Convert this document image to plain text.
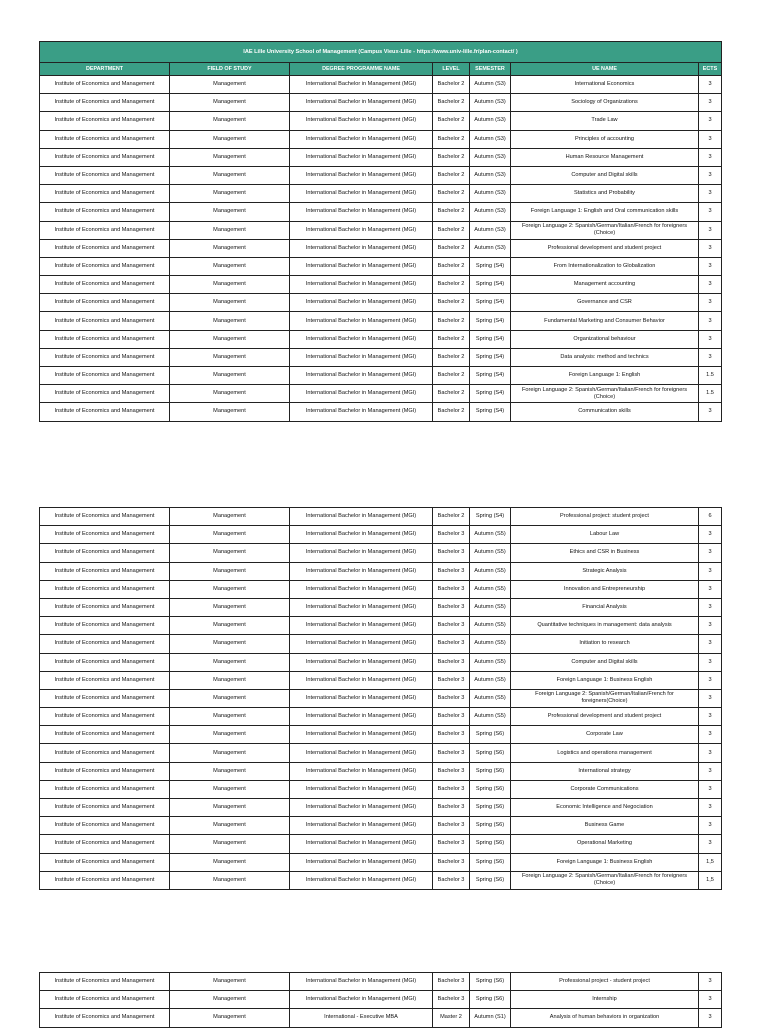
IAE Lille University School of Management (Campus Vieux-Lille - https://www.univ-lille.fr/plan-contact/ )						
DEPARTMENT	FIELD OF STUDY	DEGREE PROGRAMME NAME	LEVEL	SEMESTER	UE NAME	ECTS
Institute of Economics and Management	Management	International Bachelor in Management (MGI)	Bachelor 2	Autumn (S3)	International Economics	3
Institute of Economics and Management	Management	International Bachelor in Management (MGI)	Bachelor 2	Autumn (S3)	Sociology of Organizations	3
Institute of Economics and Management	Management	International Bachelor in Management (MGI)	Bachelor 2	Autumn (S3)	Trade Law	3
Institute of Economics and Management	Management	International Bachelor in Management (MGI)	Bachelor 2	Autumn (S3)	Principles of accounting	3
Institute of Economics and Management	Management	International Bachelor in Management (MGI)	Bachelor 2	Autumn (S3)	Human Resource Management	3
Institute of Economics and Management	Management	International Bachelor in Management (MGI)	Bachelor 2	Autumn (S3)	Computer and Digital skills	3
Institute of Economics and Management	Management	International Bachelor in Management (MGI)	Bachelor 2	Autumn (S3)	Statistics and Probability	3
Institute of Economics and Management	Management	International Bachelor in Management (MGI)	Bachelor 2	Autumn (S3)	Foreign Language 1: English and Oral communication skills	3
Institute of Economics and Management	Management	International Bachelor in Management (MGI)	Bachelor 2	Autumn (S3)	Foreign Language 2: Spanish/German/Italian/French for foreigners (Choice)	3
Institute of Economics and Management	Management	International Bachelor in Management (MGI)	Bachelor 2	Autumn (S3)	Professional development and student project	3
Institute of Economics and Management	Management	International Bachelor in Management (MGI)	Bachelor 2	Spring (S4)	From Internationalization to Globalization	3
Institute of Economics and Management	Management	International Bachelor in Management (MGI)	Bachelor 2	Spring (S4)	Management accounting	3
Institute of Economics and Management	Management	International Bachelor in Management (MGI)	Bachelor 2	Spring (S4)	Governance and CSR	3
Institute of Economics and Management	Management	International Bachelor in Management (MGI)	Bachelor 2	Spring (S4)	Fundamental Marketing and Consumer Behavior	3
Institute of Economics and Management	Management	International Bachelor in Management (MGI)	Bachelor 2	Spring (S4)	Organizational behaviour	3
Institute of Economics and Management	Management	International Bachelor in Management (MGI)	Bachelor 2	Spring (S4)	Data analysis: method and technics	3
Institute of Economics and Management	Management	International Bachelor in Management (MGI)	Bachelor 2	Spring (S4)	Foreign Language 1: English	1.5
Institute of Economics and Management	Management	International Bachelor in Management (MGI)	Bachelor 2	Spring (S4)	Foreign Language 2: Spanish/German/Italian/French for foreigners (Choice)	1.5
Institute of Economics and Management	Management	International Bachelor in Management (MGI)	Bachelor 2	Spring (S4)	Communication skills	3
Institute of Economics and Management	Management	International Bachelor in Management (MGI)	Bachelor 2	Spring (S4)	Professional project: student project	6
Institute of Economics and Management	Management	International Bachelor in Management (MGI)	Bachelor 3	Autumn (S5)	Labour Law	3
Institute of Economics and Management	Management	International Bachelor in Management (MGI)	Bachelor 3	Autumn (S5)	Ethics and CSR in Business	3
Institute of Economics and Management	Management	International Bachelor in Management (MGI)	Bachelor 3	Autumn (S5)	Strategic Analysis	3
Institute of Economics and Management	Management	International Bachelor in Management (MGI)	Bachelor 3	Autumn (S5)	Innovation and Entrepreneurship	3
Institute of Economics and Management	Management	International Bachelor in Management (MGI)	Bachelor 3	Autumn (S5)	Financial Analysis	3
Institute of Economics and Management	Management	International Bachelor in Management (MGI)	Bachelor 3	Autumn (S5)	Quantitative techniques in management: data analysis	3
Institute of Economics and Management	Management	International Bachelor in Management (MGI)	Bachelor 3	Autumn (S5)	Initiation to research	3
Institute of Economics and Management	Management	International Bachelor in Management (MGI)	Bachelor 3	Autumn (S5)	Computer and Digital skills	3
Institute of Economics and Management	Management	International Bachelor in Management (MGI)	Bachelor 3	Autumn (S5)	Foreign Language 1: Business English	3
Institute of Economics and Management	Management	International Bachelor in Management (MGI)	Bachelor 3	Autumn (S5)	Foreign Language 2: Spanish/German/Italian/French for foreigners(Choice)	3
Institute of Economics and Management	Management	International Bachelor in Management (MGI)	Bachelor 3	Autumn (S5)	Professional development and student project	3
Institute of Economics and Management	Management	International Bachelor in Management (MGI)	Bachelor 3	Spring (S6)	Corporate Law	3
Institute of Economics and Management	Management	International Bachelor in Management (MGI)	Bachelor 3	Spring (S6)	Logistics and operations management	3
Institute of Economics and Management	Management	International Bachelor in Management (MGI)	Bachelor 3	Spring (S6)	International strategy	3
Institute of Economics and Management	Management	International Bachelor in Management (MGI)	Bachelor 3	Spring (S6)	Corporate Communications	3
Institute of Economics and Management	Management	International Bachelor in Management (MGI)	Bachelor 3	Spring (S6)	Economic Intelligence and Negociation	3
Institute of Economics and Management	Management	International Bachelor in Management (MGI)	Bachelor 3	Spring (S6)	Business Game	3
Institute of Economics and Management	Management	International Bachelor in Management (MGI)	Bachelor 3	Spring (S6)	Operational Marketing	3
Institute of Economics and Management	Management	International Bachelor in Management (MGI)	Bachelor 3	Spring (S6)	Foreign Language 1: Business English	1,5
Institute of Economics and Management	Management	International Bachelor in Management (MGI)	Bachelor 3	Spring (S6)	Foreign Language 2: Spanish/German/Italian/French for foreigners (Choice)	1,5
Institute of Economics and Management	Management	International Bachelor in Management (MGI)	Bachelor 3	Spring (S6)	Professional project - student project	3
Institute of Economics and Management	Management	International Bachelor in Management (MGI)	Bachelor 3	Spring (S6)	Internship	3
Institute of Economics and Management	Management	International - Executive MBA	Master 2	Autumn (S1)	Analysis of human behaviors in organization	3
